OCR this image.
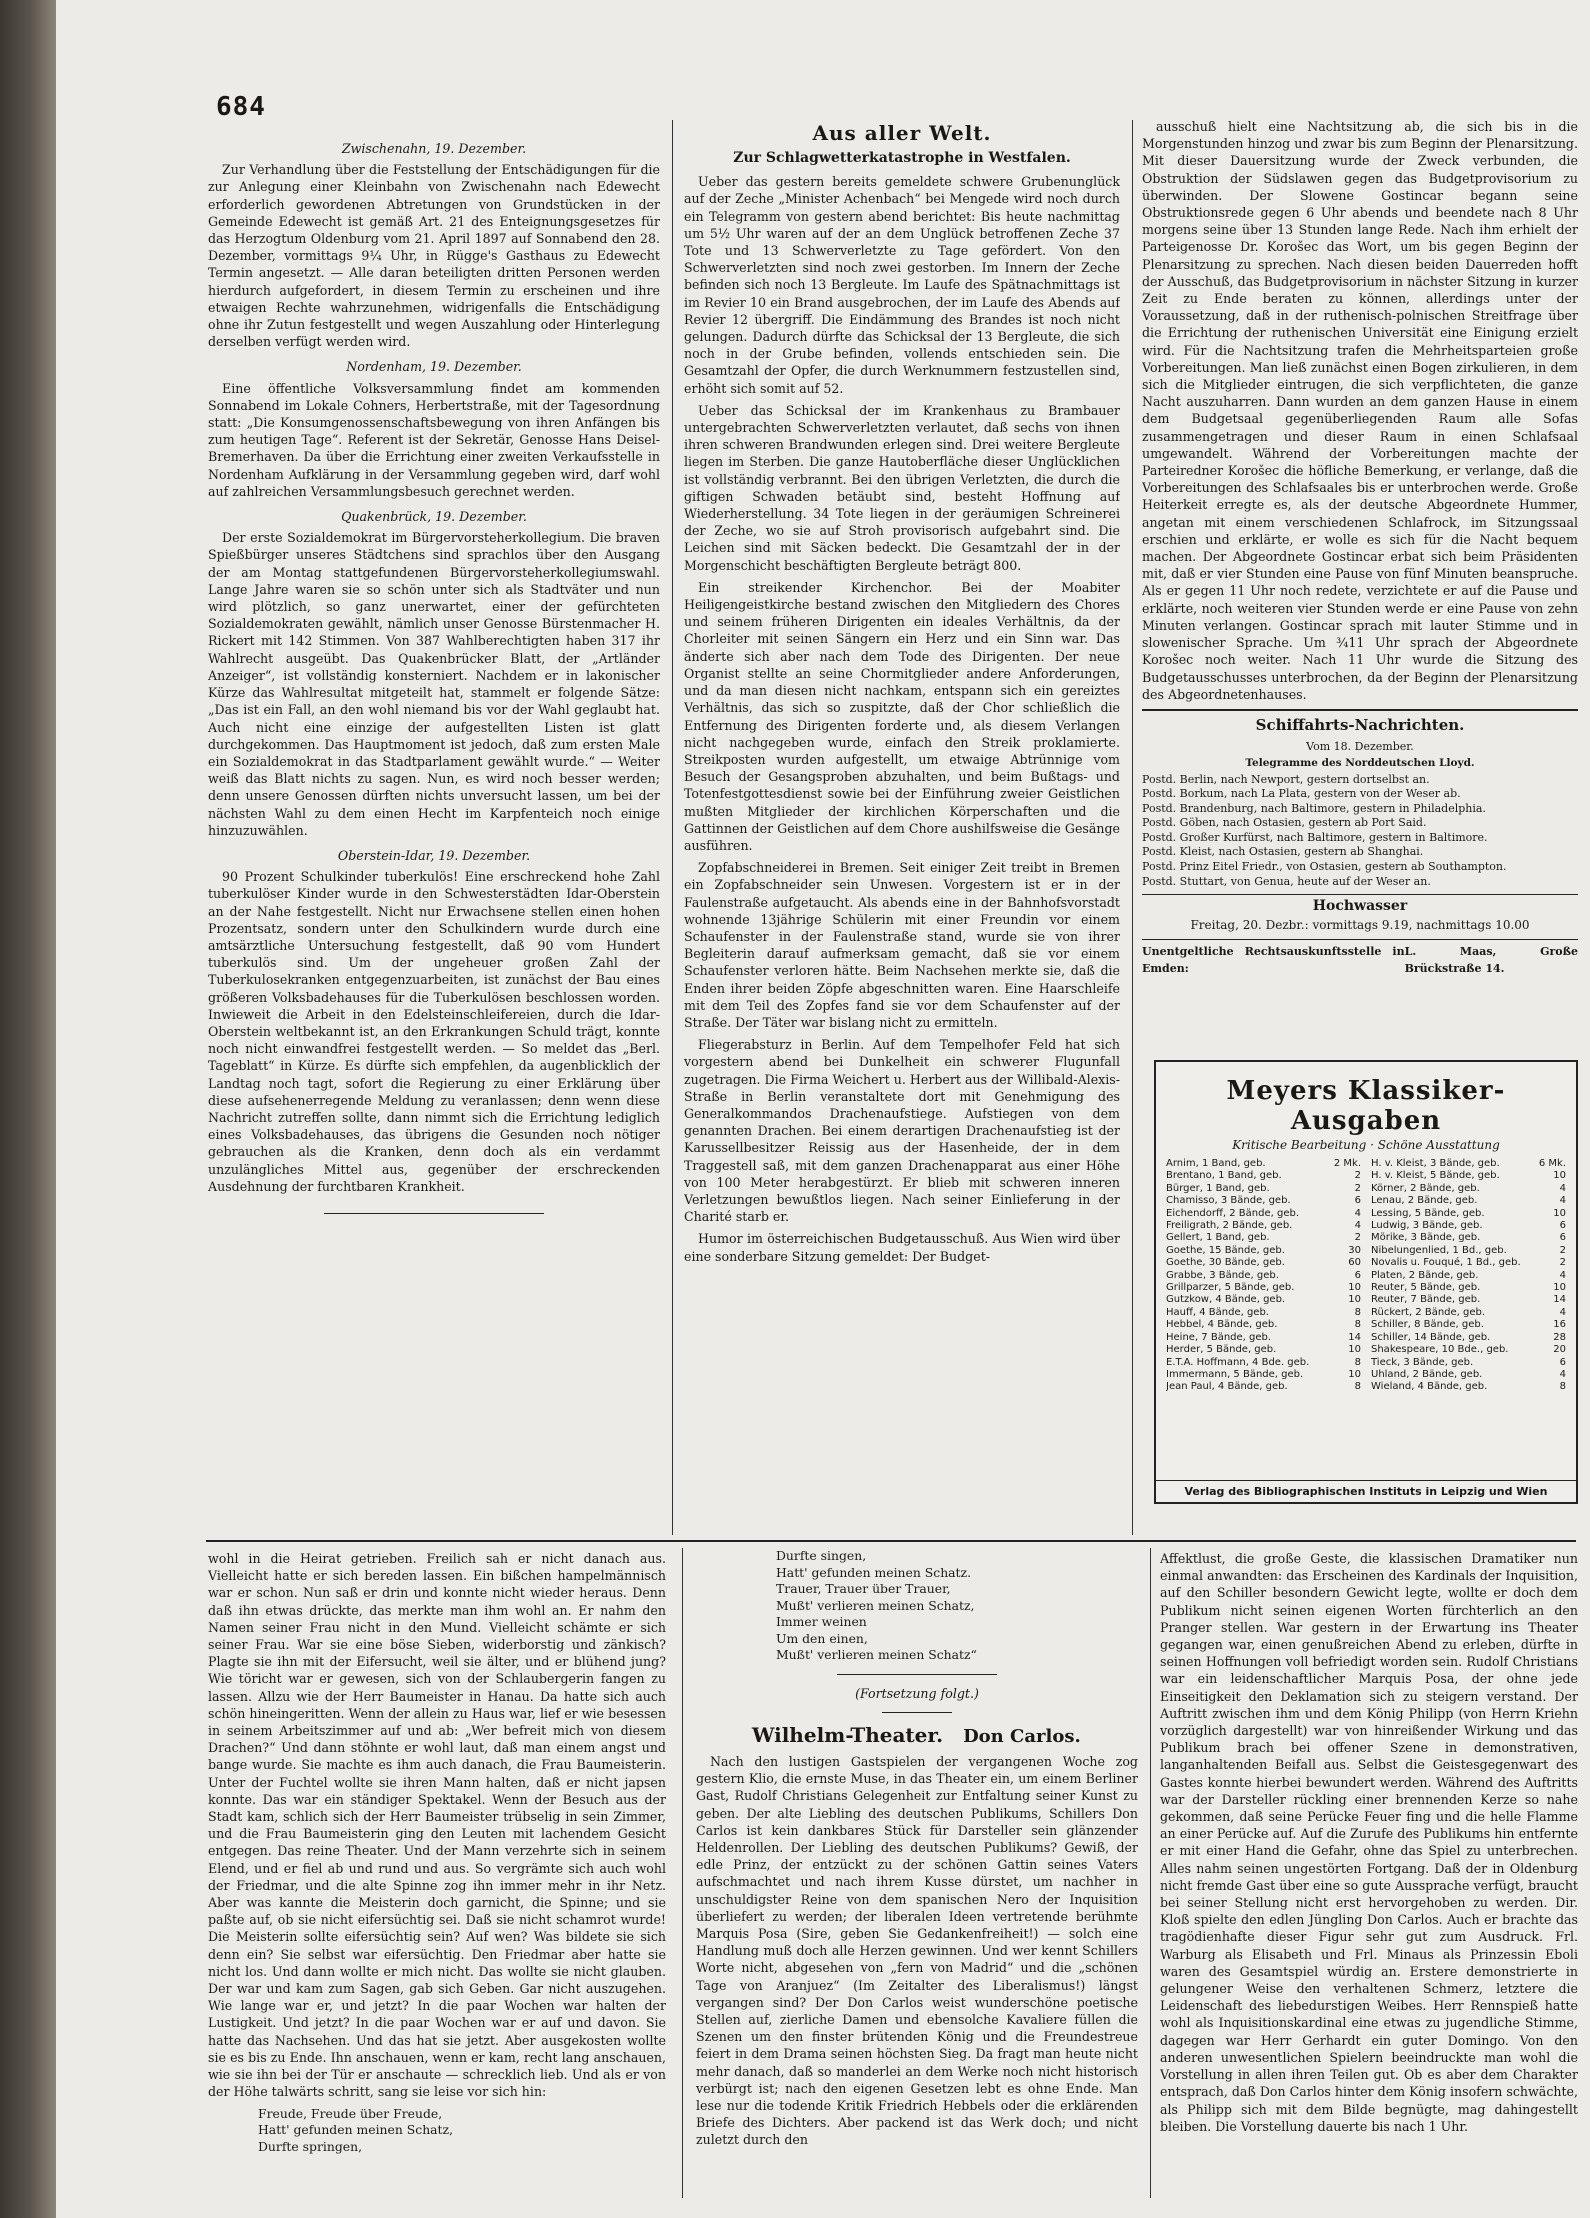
684
Zwischenahn, 19. Dezember.

Zur Verhandlung über die Feststellung der Entschädigungen für die zur Anlegung einer Kleinbahn von Zwischenahn nach Edewecht erforderlich gewordenen Abtretungen von Grundstücken in der Gemeinde Edewecht ist gemäß Art. 21 des Enteignungsgesetzes für das Herzogtum Oldenburg vom 21. April 1897 auf Sonnabend den 28. Dezember, vormittags 9¼ Uhr, in Rügge's Gasthaus zu Edewecht Termin angesetzt. — Alle daran beteiligten dritten Personen werden hierdurch aufgefordert, in diesem Termin zu erscheinen und ihre etwaigen Rechte wahrzunehmen, widrigenfalls die Entschädigung ohne ihr Zutun festgestellt und wegen Auszahlung oder Hinterlegung derselben verfügt werden wird.

Nordenham, 19. Dezember.

Eine öffentliche Volksversammlung findet am kommenden Sonnabend im Lokale Cohners, Herbertstraße, mit der Tagesordnung statt: „Die Konsumgenossenschaftsbewegung von ihren Anfängen bis zum heutigen Tage“. Referent ist der Sekretär, Genosse Hans Deisel-Bremerhaven. Da über die Errichtung einer zweiten Verkaufsstelle in Nordenham Aufklärung in der Versammlung gegeben wird, darf wohl auf zahlreichen Versammlungsbesuch gerechnet werden.

Quakenbrück, 19. Dezember.

Der erste Sozialdemokrat im Bürgervorsteherkollegium. Die braven Spießbürger unseres Städtchens sind sprachlos über den Ausgang der am Montag stattgefundenen Bürgervorsteherkollegiumswahl. Lange Jahre waren sie so schön unter sich als Stadtväter und nun wird plötzlich, so ganz unerwartet, einer der gefürchteten Sozialdemokraten gewählt, nämlich unser Genosse Bürstenmacher H. Rickert mit 142 Stimmen. Von 387 Wahlberechtigten haben 317 ihr Wahlrecht ausgeübt. Das Quakenbrücker Blatt, der „Artländer Anzeiger“, ist vollständig konsterniert. Nachdem er in lakonischer Kürze das Wahlresultat mitgeteilt hat, stammelt er folgende Sätze: „Das ist ein Fall, an den wohl niemand bis vor der Wahl geglaubt hat. Auch nicht eine einzige der aufgestellten Listen ist glatt durchgekommen. Das Hauptmoment ist jedoch, daß zum ersten Male ein Sozialdemokrat in das Stadtparlament gewählt wurde.“ — Weiter weiß das Blatt nichts zu sagen. Nun, es wird noch besser werden; denn unsere Genossen dürften nichts unversucht lassen, um bei der nächsten Wahl zu dem einen Hecht im Karpfenteich noch einige hinzuzuwählen.

Oberstein-Idar, 19. Dezember.

90 Prozent Schulkinder tuberkulös! Eine erschreckend hohe Zahl tuberkulöser Kinder wurde in den Schwesterstädten Idar-Oberstein an der Nahe festgestellt. Nicht nur Erwachsene stellen einen hohen Prozentsatz, sondern unter den Schulkindern wurde durch eine amtsärztliche Untersuchung festgestellt, daß 90 vom Hundert tuberkulös sind. Um der ungeheuer großen Zahl der Tuberkulosekranken entgegenzuarbeiten, ist zunächst der Bau eines größeren Volksbadehauses für die Tuberkulösen beschlossen worden. Inwieweit die Arbeit in den Edelsteinschleifereien, durch die Idar-Oberstein weltbekannt ist, an den Erkrankungen Schuld trägt, konnte noch nicht einwandfrei festgestellt werden. — So meldet das „Berl. Tageblatt“ in Kürze. Es dürfte sich empfehlen, da augenblicklich der Landtag noch tagt, sofort die Regierung zu einer Erklärung über diese aufsehenerregende Meldung zu veranlassen; denn wenn diese Nachricht zutreffen sollte, dann nimmt sich die Errichtung lediglich eines Volksbadehauses, das übrigens die Gesunden noch nötiger gebrauchen als die Kranken, denn doch als ein verdammt unzulängliches Mittel aus, gegenüber der erschreckenden Ausdehnung der furchtbaren Krankheit.

Aus aller Welt.
Zur Schlagwetterkatastrophe in Westfalen.

Ueber das gestern bereits gemeldete schwere Grubenunglück auf der Zeche „Minister Achenbach“ bei Mengede wird noch durch ein Telegramm von gestern abend berichtet: Bis heute nachmittag um 5½ Uhr waren auf der an dem Unglück betroffenen Zeche 37 Tote und 13 Schwerverletzte zu Tage gefördert. Von den Schwerverletzten sind noch zwei gestorben. Im Innern der Zeche befinden sich noch 13 Bergleute. Im Laufe des Spätnachmittags ist im Revier 10 ein Brand ausgebrochen, der im Laufe des Abends auf Revier 12 übergriff. Die Eindämmung des Brandes ist noch nicht gelungen. Dadurch dürfte das Schicksal der 13 Bergleute, die sich noch in der Grube befinden, vollends entschieden sein. Die Gesamtzahl der Opfer, die durch Werknummern festzustellen sind, erhöht sich somit auf 52.

Ueber das Schicksal der im Krankenhaus zu Brambauer untergebrachten Schwerverletzten verlautet, daß sechs von ihnen ihren schweren Brandwunden erlegen sind. Drei weitere Bergleute liegen im Sterben. Die ganze Hautoberfläche dieser Unglücklichen ist vollständig verbrannt. Bei den übrigen Verletzten, die durch die giftigen Schwaden betäubt sind, besteht Hoffnung auf Wiederherstellung. 34 Tote liegen in der geräumigen Schreinerei der Zeche, wo sie auf Stroh provisorisch aufgebahrt sind. Die Leichen sind mit Säcken bedeckt. Die Gesamtzahl der in der Morgenschicht beschäftigten Bergleute beträgt 800.

Ein streikender Kirchenchor. Bei der Moabiter Heiligengeistkirche bestand zwischen den Mitgliedern des Chores und seinem früheren Dirigenten ein ideales Verhältnis, da der Chorleiter mit seinen Sängern ein Herz und ein Sinn war. Das änderte sich aber nach dem Tode des Dirigenten. Der neue Organist stellte an seine Chormitglieder andere Anforderungen, und da man diesen nicht nachkam, entspann sich ein gereiztes Verhältnis, das sich so zuspitzte, daß der Chor schließlich die Entfernung des Dirigenten forderte und, als diesem Verlangen nicht nachgegeben wurde, einfach den Streik proklamierte. Streikposten wurden aufgestellt, um etwaige Abtrünnige vom Besuch der Gesangsproben abzuhalten, und beim Bußtags- und Totenfestgottesdienst sowie bei der Einführung zweier Geistlichen mußten Mitglieder der kirchlichen Körperschaften und die Gattinnen der Geistlichen auf dem Chore aushilfsweise die Gesänge ausführen.

Zopfabschneiderei in Bremen. Seit einiger Zeit treibt in Bremen ein Zopfabschneider sein Unwesen. Vorgestern ist er in der Faulenstraße aufgetaucht. Als abends eine in der Bahnhofsvorstadt wohnende 13jährige Schülerin mit einer Freundin vor einem Schaufenster in der Faulenstraße stand, wurde sie von ihrer Begleiterin darauf aufmerksam gemacht, daß sie vor einem Schaufenster verloren hätte. Beim Nachsehen merkte sie, daß die Enden ihrer beiden Zöpfe abgeschnitten waren. Eine Haarschleife mit dem Teil des Zopfes fand sie vor dem Schaufenster auf der Straße. Der Täter war bislang nicht zu ermitteln.

Fliegerabsturz in Berlin. Auf dem Tempelhofer Feld hat sich vorgestern abend bei Dunkelheit ein schwerer Flugunfall zugetragen. Die Firma Weichert u. Herbert aus der Willibald-Alexis-Straße in Berlin veranstaltete dort mit Genehmigung des Generalkommandos Drachenaufstiege. Aufstiegen von dem genannten Drachen. Bei einem derartigen Drachenaufstieg ist der Karussellbesitzer Reissig aus der Hasenheide, der in dem Traggestell saß, mit dem ganzen Drachenapparat aus einer Höhe von 100 Meter herabgestürzt. Er blieb mit schweren inneren Verletzungen bewußtlos liegen. Nach seiner Einlieferung in der Charité starb er.

Humor im österreichischen Budgetausschuß. Aus Wien wird über eine sonderbare Sitzung gemeldet: Der Budget-

ausschuß hielt eine Nachtsitzung ab, die sich bis in die Morgenstunden hinzog und zwar bis zum Beginn der Plenarsitzung. Mit dieser Dauersitzung wurde der Zweck verbunden, die Obstruktion der Südslawen gegen das Budgetprovisorium zu überwinden. Der Slowene Gostincar begann seine Obstruktionsrede gegen 6 Uhr abends und beendete nach 8 Uhr morgens seine über 13 Stunden lange Rede. Nach ihm erhielt der Parteigenosse Dr. Korošec das Wort, um bis gegen Beginn der Plenarsitzung zu sprechen. Nach diesen beiden Dauerreden hofft der Ausschuß, das Budgetprovisorium in nächster Sitzung in kurzer Zeit zu Ende beraten zu können, allerdings unter der Voraussetzung, daß in der ruthenisch-polnischen Streitfrage über die Errichtung der ruthenischen Universität eine Einigung erzielt wird. Für die Nachtsitzung trafen die Mehrheitsparteien große Vorbereitungen. Man ließ zunächst einen Bogen zirkulieren, in dem sich die Mitglieder eintrugen, die sich verpflichteten, die ganze Nacht auszuharren. Dann wurden an dem ganzen Hause in einem dem Budgetsaal gegenüberliegenden Raum alle Sofas zusammengetragen und dieser Raum in einen Schlafsaal umgewandelt. Während der Vorbereitungen machte der Parteiredner Korošec die höfliche Bemerkung, er verlange, daß die Vorbereitungen des Schlafsaales bis er unterbrochen werde. Große Heiterkeit erregte es, als der deutsche Abgeordnete Hummer, angetan mit einem verschiedenen Schlafrock, im Sitzungssaal erschien und erklärte, er wolle es sich für die Nacht bequem machen. Der Abgeordnete Gostincar erbat sich beim Präsidenten mit, daß er vier Stunden eine Pause von fünf Minuten beanspruche. Als er gegen 11 Uhr noch redete, verzichtete er auf die Pause und erklärte, noch weiteren vier Stunden werde er eine Pause von zehn Minuten verlangen. Gostincar sprach mit lauter Stimme und in slowenischer Sprache. Um ¾11 Uhr sprach der Abgeordnete Korošec noch weiter. Nach 11 Uhr wurde die Sitzung des Budgetausschusses unterbrochen, da der Beginn der Plenarsitzung des Abgeordnetenhauses.

Schiffahrts-Nachrichten.
Vom 18. Dezember.
Telegramme des Norddeutschen Lloyd.
Postd. Berlin, nach Newport, gestern dortselbst an.
Postd. Borkum, nach La Plata, gestern von der Weser ab.
Postd. Brandenburg, nach Baltimore, gestern in Philadelphia.
Postd. Göben, nach Ostasien, gestern ab Port Said.
Postd. Großer Kurfürst, nach Baltimore, gestern in Baltimore.
Postd. Kleist, nach Ostasien, gestern ab Shanghai.
Postd. Prinz Eitel Friedr., von Ostasien, gestern ab Southampton.
Postd. Stuttart, von Genua, heute auf der Weser an.
Hochwasser
Freitag, 20. Dezbr.: vormittags 9.19, nachmittags 10.00
Unentgeltliche Rechtsauskunftsstelle in Emden:
L. Maas, Große Brückstraße 14.
Meyers Klassiker-Ausgaben
Kritische Bearbeitung · Schöne Ausstattung
Arnim, 1 Band, geb.	2 Mk.
Brentano, 1 Band, geb.	2
Bürger, 1 Band, geb.	2
Chamisso, 3 Bände, geb.	6
Eichendorff, 2 Bände, geb.	4
Freiligrath, 2 Bände, geb.	4
Gellert, 1 Band, geb.	2
Goethe, 15 Bände, geb.	30
Goethe, 30 Bände, geb.	60
Grabbe, 3 Bände, geb.	6
Grillparzer, 5 Bände, geb.	10
Gutzkow, 4 Bände, geb.	10
Hauff, 4 Bände, geb.	8
Hebbel, 4 Bände, geb.	8
Heine, 7 Bände, geb.	14
Herder, 5 Bände, geb.	10
E.T.A. Hoffmann, 4 Bde. geb.	8
Immermann, 5 Bände, geb.	10
Jean Paul, 4 Bände, geb.	8
H. v. Kleist, 3 Bände, geb.	6 Mk.
H. v. Kleist, 5 Bände, geb.	10
Körner, 2 Bände, geb.	4
Lenau, 2 Bände, geb.	4
Lessing, 5 Bände, geb.	10
Ludwig, 3 Bände, geb.	6
Mörike, 3 Bände, geb.	6
Nibelungenlied, 1 Bd., geb.	2
Novalis u. Fouqué, 1 Bd., geb.	2
Platen, 2 Bände, geb.	4
Reuter, 5 Bände, geb.	10
Reuter, 7 Bände, geb.	14
Rückert, 2 Bände, geb.	4
Schiller, 8 Bände, geb.	16
Schiller, 14 Bände, geb.	28
Shakespeare, 10 Bde., geb.	20
Tieck, 3 Bände, geb.	6
Uhland, 2 Bände, geb.	4
Wieland, 4 Bände, geb.	8
Verlag des Bibliographischen Instituts in Leipzig und Wien

wohl in die Heirat getrieben. Freilich sah er nicht danach aus. Vielleicht hatte er sich bereden lassen. Ein bißchen hampelmännisch war er schon. Nun saß er drin und konnte nicht wieder heraus. Denn daß ihn etwas drückte, das merkte man ihm wohl an. Er nahm den Namen seiner Frau nicht in den Mund. Vielleicht schämte er sich seiner Frau. War sie eine böse Sieben, widerborstig und zänkisch? Plagte sie ihn mit der Eifersucht, weil sie älter, und er blühend jung? Wie töricht war er gewesen, sich von der Schlaubergerin fangen zu lassen. Allzu wie der Herr Baumeister in Hanau. Da hatte sich auch schön hineingeritten. Wenn der allein zu Haus war, lief er wie besessen in seinem Arbeitszimmer auf und ab: „Wer befreit mich von diesem Drachen?“ Und dann stöhnte er wohl laut, daß man einem angst und bange wurde. Sie machte es ihm auch danach, die Frau Baumeisterin. Unter der Fuchtel wollte sie ihren Mann halten, daß er nicht japsen konnte. Das war ein ständiger Spektakel. Wenn der Besuch aus der Stadt kam, schlich sich der Herr Baumeister trübselig in sein Zimmer, und die Frau Baumeisterin ging den Leuten mit lachendem Gesicht entgegen. Das reine Theater. Und der Mann verzehrte sich in seinem Elend, und er fiel ab und rund und aus. So vergrämte sich auch wohl der Friedmar, und die alte Spinne zog ihn immer mehr in ihr Netz. Aber was kannte die Meisterin doch garnicht, die Spinne; und sie paßte auf, ob sie nicht eifersüchtig sei. Daß sie nicht schamrot wurde! Die Meisterin sollte eifersüchtig sein? Auf wen? Was bildete sie sich denn ein? Sie selbst war eifersüchtig. Den Friedmar aber hatte sie nicht los. Und dann wollte er mich nicht. Das wollte sie nicht glauben. Der war und kam zum Sagen, gab sich Geben. Gar nicht auszugehen. Wie lange war er, und jetzt? In die paar Wochen war halten der Lustigkeit. Und jetzt? In die paar Wochen war er auf und davon. Sie hatte das Nachsehen. Und das hat sie jetzt. Aber ausgekosten wollte sie es bis zu Ende. Ihn anschauen, wenn er kam, recht lang anschauen, wie sie ihn bei der Tür er anschaute — schrecklich lieb. Und als er von der Höhe talwärts schritt, sang sie leise vor sich hin:

Freude, Freude über Freude,
Hatt' gefunden meinen Schatz,
Durfte springen,
Durfte singen,
Hatt' gefunden meinen Schatz.
Trauer, Trauer über Trauer,
Mußt' verlieren meinen Schatz,
Immer weinen
Um den einen,
Mußt' verlieren meinen Schatz“
(Fortsetzung folgt.)
Wilhelm-Theater. Don Carlos.

Nach den lustigen Gastspielen der vergangenen Woche zog gestern Klio, die ernste Muse, in das Theater ein, um einem Berliner Gast, Rudolf Christians Gelegenheit zur Entfaltung seiner Kunst zu geben. Der alte Liebling des deutschen Publikums, Schillers Don Carlos ist kein dankbares Stück für Darsteller sein glänzender Heldenrollen. Der Liebling des deutschen Publikums? Gewiß, der edle Prinz, der entzückt zu der schönen Gattin seines Vaters aufschmachtet und nach ihrem Kusse dürstet, um nachher in unschuldigster Reine von dem spanischen Nero der Inquisition überliefert zu werden; der liberalen Ideen vertretende berühmte Marquis Posa (Sire, geben Sie Gedankenfreiheit!) — solch eine Handlung muß doch alle Herzen gewinnen. Und wer kennt Schillers Worte nicht, abgesehen von „fern von Madrid“ und die „schönen Tage von Aranjuez“ (Im Zeitalter des Liberalismus!) längst vergangen sind? Der Don Carlos weist wunderschöne poetische Stellen auf, zierliche Damen und ebensolche Kavaliere füllen die Szenen um den finster brütenden König und die Freundestreue feiert in dem Drama seinen höchsten Sieg. Da fragt man heute nicht mehr danach, daß so manderlei an dem Werke noch nicht historisch verbürgt ist; nach den eigenen Gesetzen lebt es ohne Ende. Man lese nur die todende Kritik Friedrich Hebbels oder die erklärenden Briefe des Dichters. Aber packend ist das Werk doch; und nicht zuletzt durch den

Affektlust, die große Geste, die klassischen Dramatiker nun einmal anwandten: das Erscheinen des Kardinals der Inquisition, auf den Schiller besondern Gewicht legte, wollte er doch dem Publikum nicht seinen eigenen Worten fürchterlich an den Pranger stellen. War gestern in der Erwartung ins Theater gegangen war, einen genußreichen Abend zu erleben, dürfte in seinen Hoffnungen voll befriedigt worden sein. Rudolf Christians war ein leidenschaftlicher Marquis Posa, der ohne jede Einseitigkeit den Deklamation sich zu steigern verstand. Der Auftritt zwischen ihm und dem König Philipp (von Herrn Kriehn vorzüglich dargestellt) war von hinreißender Wirkung und das Publikum brach bei offener Szene in demonstrativen, langanhaltenden Beifall aus. Selbst die Geistesgegenwart des Gastes konnte hierbei bewundert werden. Während des Auftritts war der Darsteller rückling einer brennenden Kerze so nahe gekommen, daß seine Perücke Feuer fing und die helle Flamme an einer Perücke auf. Auf die Zurufe des Publikums hin entfernte er mit einer Hand die Gefahr, ohne das Spiel zu unterbrechen. Alles nahm seinen ungestörten Fortgang. Daß der in Oldenburg nicht fremde Gast über eine so gute Aussprache verfügt, braucht bei seiner Stellung nicht erst hervorgehoben zu werden. Dir. Kloß spielte den edlen Jüngling Don Carlos. Auch er brachte das tragödienhafte dieser Figur sehr gut zum Ausdruck. Frl. Warburg als Elisabeth und Frl. Minaus als Prinzessin Eboli waren des Gesamtspiel würdig an. Erstere demonstrierte in gelungener Weise den verhaltenen Schmerz, letztere die Leidenschaft des liebedurstigen Weibes. Herr Rennspieß hatte wohl als Inquisitionskardinal eine etwas zu jugendliche Stimme, dagegen war Herr Gerhardt ein guter Domingo. Von den anderen unwesentlichen Spielern beeindruckte man wohl die Vorstellung in allen ihren Teilen gut. Ob es aber dem Charakter entsprach, daß Don Carlos hinter dem König insofern schwächte, als Philipp sich mit dem Bilde begnügte, mag dahingestellt bleiben. Die Vorstellung dauerte bis nach 1 Uhr.
